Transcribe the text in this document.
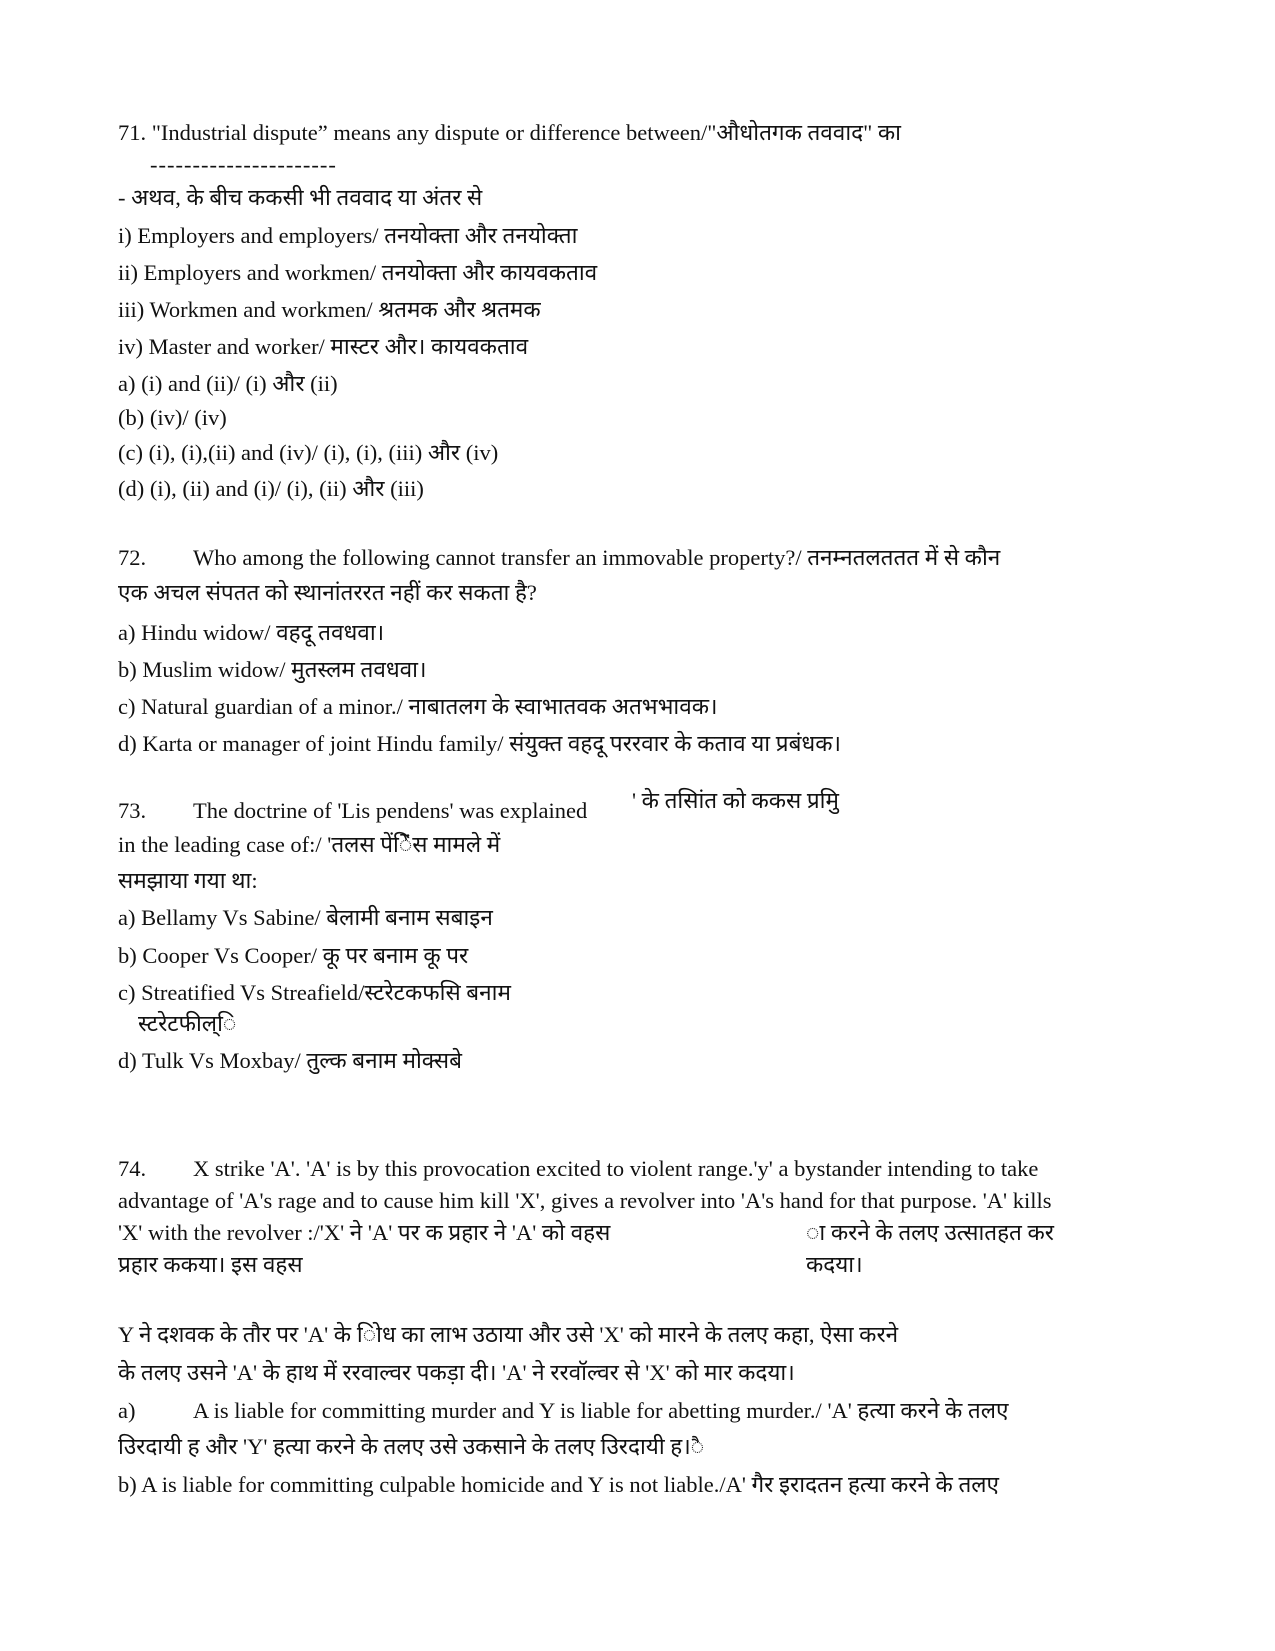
71. "Industrial dispute” means any dispute or difference between/"औधोतगक तववाद" का
----------------------
- अथव, के बीच ककसी भी तववाद या अंतर से
i) Employers and employers/ तनयोक्ता और तनयोक्ता
ii) Employers and workmen/ तनयोक्ता और कायवकताव
iii) Workmen and workmen/ श्रतमक और श्रतमक
iv) Master and worker/ मास्टर और। कायवकताव
a) (i) and (ii)/ (i) और (ii)
(b) (iv)/ (iv)
(c) (i), (i),(ii) and (iv)/ (i), (i), (iii) और (iv)
(d) (i), (ii) and (i)/ (i), (ii) और (iii)
72. Who among the following cannot transfer an immovable property?/ तनम्नतलततत में से कौन
एक अचल संपतत को स्थानांतररत नहीं कर सकता है?
a) Hindu widow/ वहदू तवधवा।
b) Muslim widow/ मुतस्लम तवधवा।
c) Natural guardian of a minor./ नाबातलग के स्वाभातवक अतभभावक।
d) Karta or manager of joint Hindu family/ संयुक्त वहदू पररवार के कताव या प्रबंधक।
73. The doctrine of 'Lis pendens' was explained ' के तसिांत को ककस प्रमुि
in the leading case of:/ 'तलस पेंिेंस मामले में
समझाया गया था:
a) Bellamy Vs Sabine/ बेलामी बनाम सबाइन
b) Cooper Vs Cooper/ कू पर बनाम कू पर
c) Streatified Vs Streafield/स्टरेटकफसि बनाम
स्टरेटफील्ि
d) Tulk Vs Moxbay/ तुल्क बनाम मोक्सबे
74. X strike 'A'. 'A' is by this provocation excited to violent range.'y' a bystander intending to take
advantage of 'A's rage and to cause him kill 'X', gives a revolver into 'A's hand for that purpose. 'A' kills
'X' with the revolver :/'X' ने 'A' पर क प्रहार ने 'A' को वहस	ा करने के तलए उत्सातहत कर
प्रहार ककया। इस वहस	कदया।
Y ने दशवक के तौर पर 'A' के िोध का लाभ उठाया और उसे 'X' को मारने के तलए कहा, ऐसा करने
के तलए उसने 'A' के हाथ में ररवाल्वर पकड़ा दी। 'A' ने ररवॉल्वर से 'X' को मार कदया।
a)	A is liable for committing murder and Y is liable for abetting murder./ 'A' हत्या करने के तलए
उिरदायी ह और 'Y' हत्या करने के तलए उसे उकसाने के तलए उिरदायी ह।ै
b) A is liable for committing culpable homicide and Y is not liable./A' गैर इरादतन हत्या करने के तलए
